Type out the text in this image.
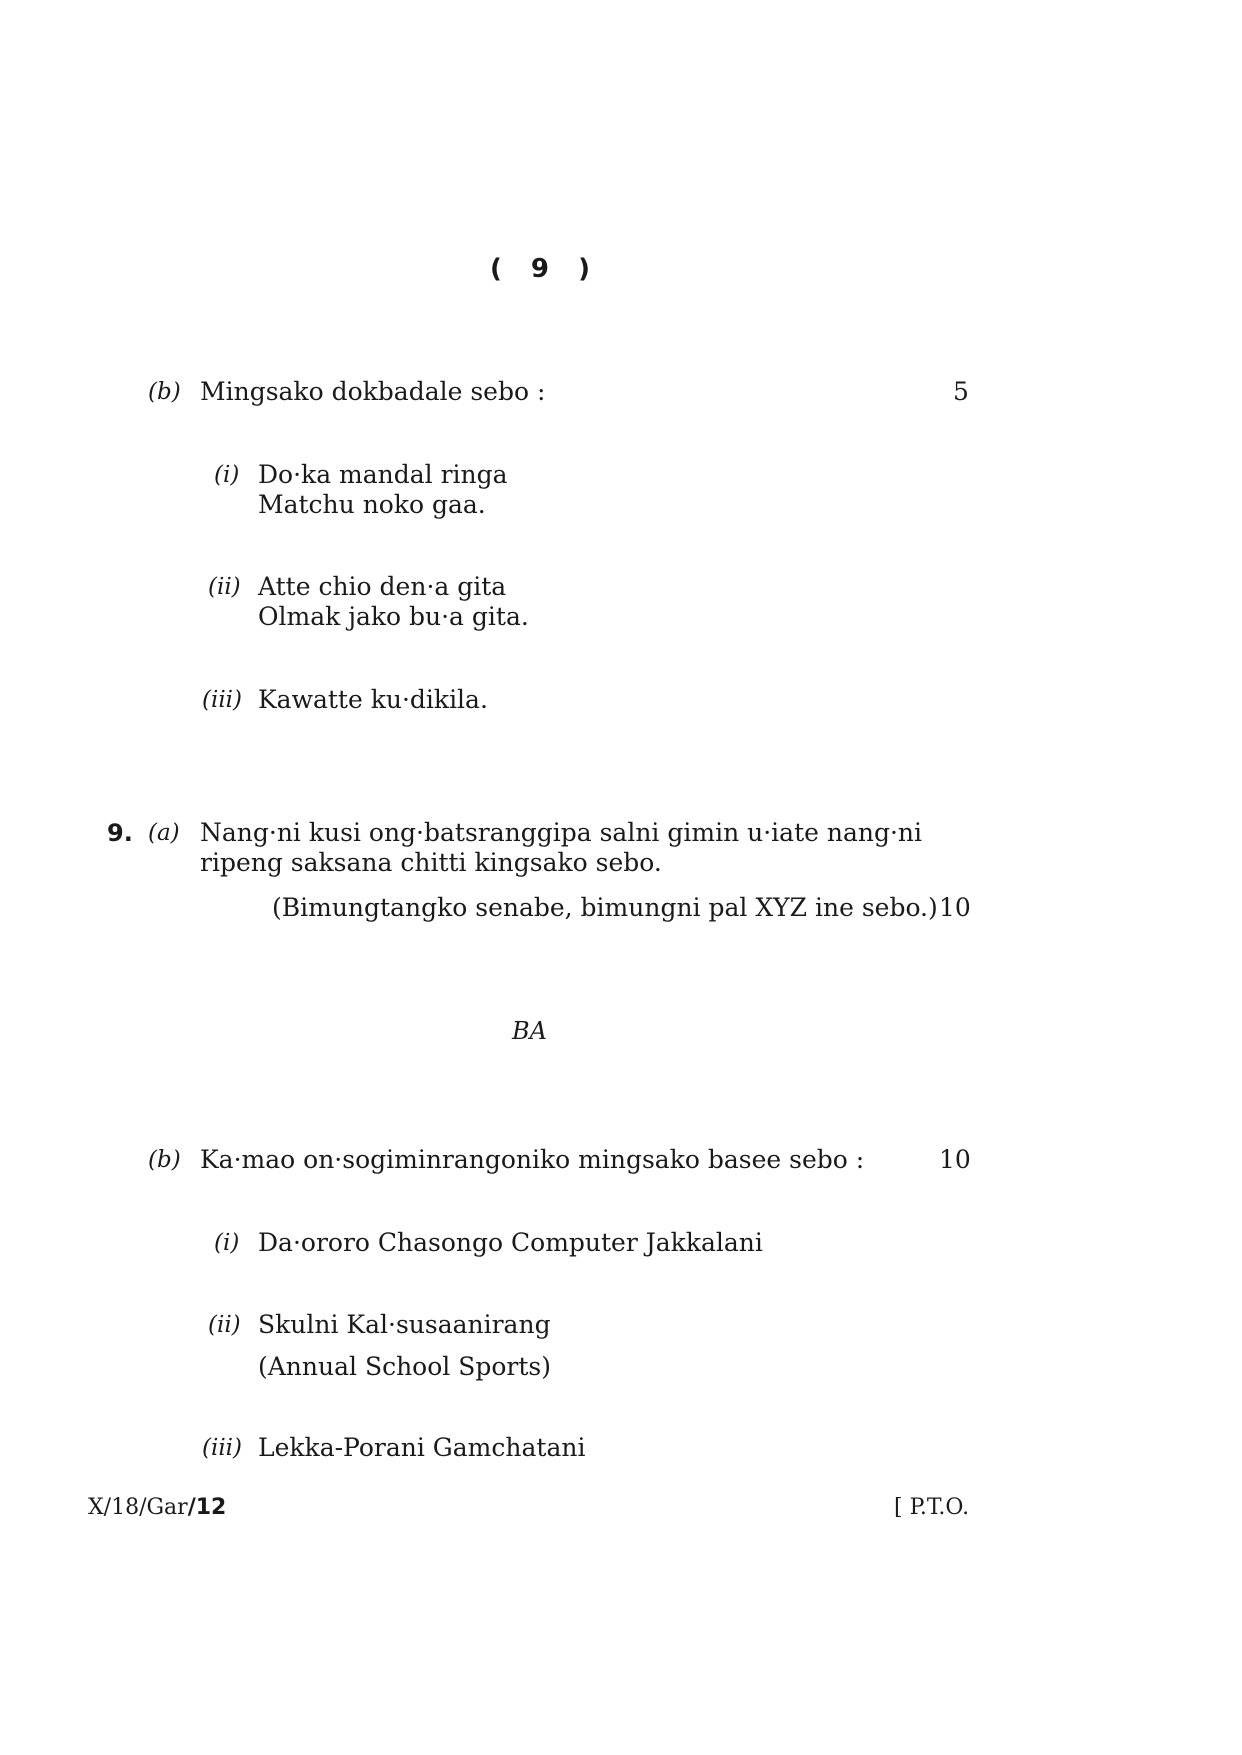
( 9 )
(b) Mingsako dokbadale sebo :	5
(i) Do·ka mandal ringa
Matchu noko gaa.
(ii) Atte chio den·a gita
Olmak jako bu·a gita.
(iii) Kawatte ku·dikila.
9. (a) Nang·ni kusi ong·batsranggipa salni gimin u·iate nang·ni
ripeng saksana chitti kingsako sebo.
(Bimungtangko senabe, bimungni pal XYZ ine sebo.) 10
BA
(b) Ka·mao on·sogiminrangoniko mingsako basee sebo :	10
(i) Da·ororo Chasongo Computer Jakkalani
(ii) Skulni Kal·susaanirang
(Annual School Sports)
(iii) Lekka-Porani Gamchatani
X/18/Gar/12	[ P.T.O.
